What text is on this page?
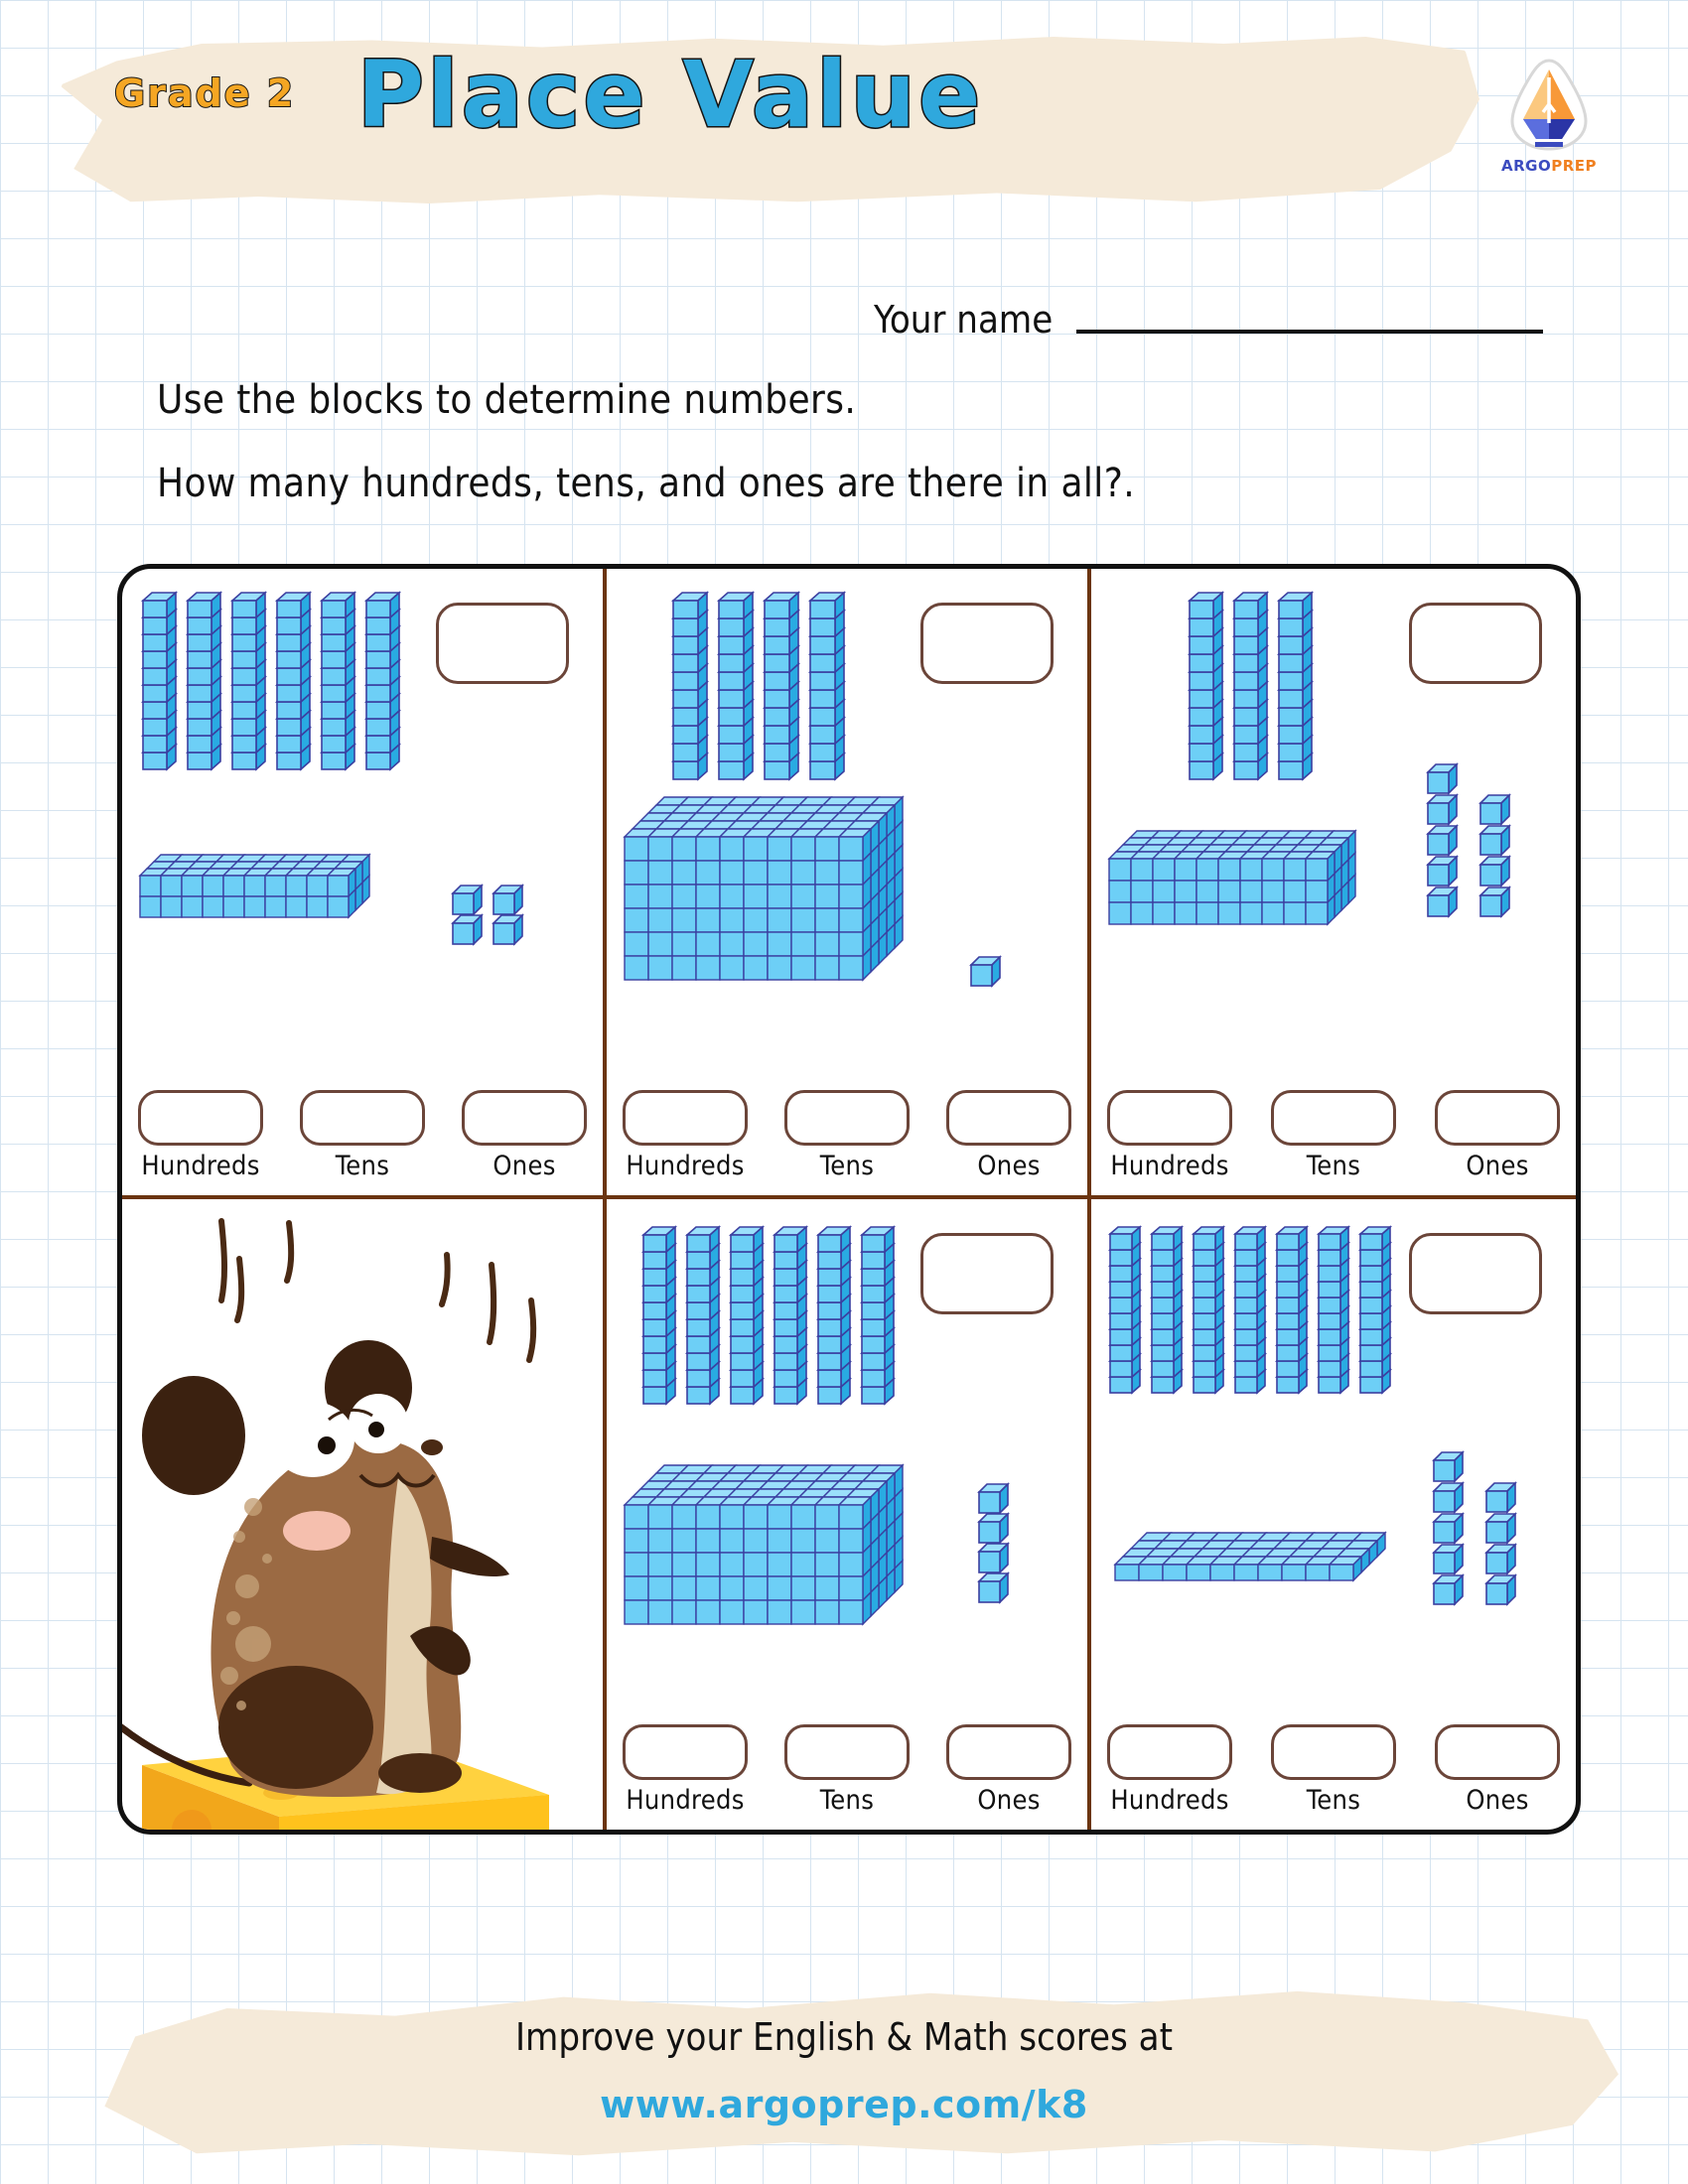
Grade 2 Place Value
ARGOPREP
Your name
Use the blocks to determine numbers.
How many hundreds, tens, and ones are there in all?.
Hundreds	Tens	Ones	Hundreds	Tens	Ones	Hundreds	Tens	Ones
Hundreds	Tens	Ones	Hundreds	Tens	Ones
Improve your English & Math scores at
www.argoprep.com/k8
